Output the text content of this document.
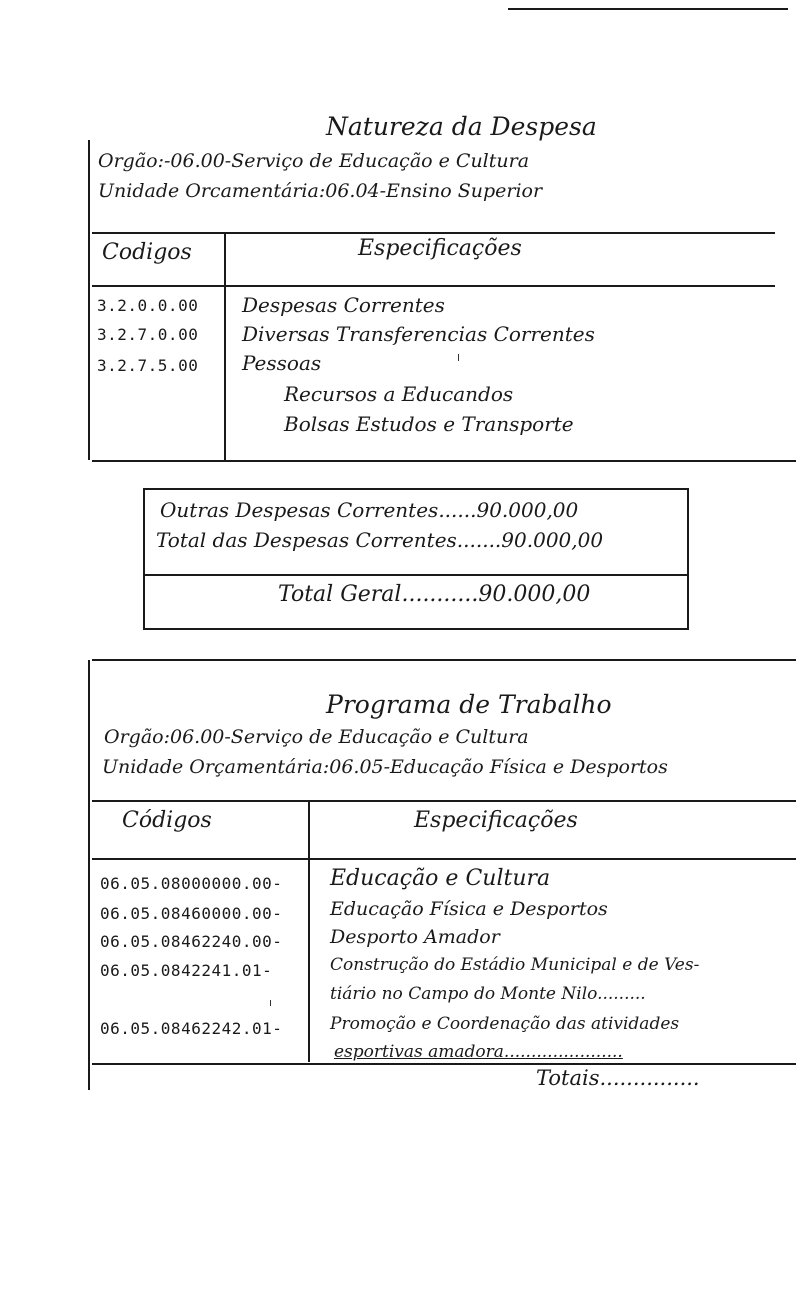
Natureza da Despesa
Orgão:-06.00-Serviço de Educação e Cultura
Unidade Orcamentária:06.04-Ensino Superior
Codigos	Especificações
3.2.0.0.00
3.2.7.0.00
3.2.7.5.00
Despesas Correntes
Diversas Transferencias Correntes
Pessoas
Recursos a Educandos
Bolsas Estudos e Transporte
Outras Despesas Correntes......90.000,00
Total das Despesas Correntes.......90.000,00
Total Geral...........90.000,00
Programa de Trabalho
Orgão:06.00-Serviço de Educação e Cultura
Unidade Orçamentária:06.05-Educação Física e Desportos
Códigos	Especificações
06.05.08000000.00-
06.05.08460000.00-
06.05.08462240.00-
06.05.0842241.01-
06.05.08462242.01-
Educação e Cultura
Educação Física e Desportos
Desporto Amador
Construção do Estádio Municipal e de Ves-
tiário no Campo do Monte Nilo.........
Promoção e Coordenação das atividades
esportivas amadora......................
Totais...............
